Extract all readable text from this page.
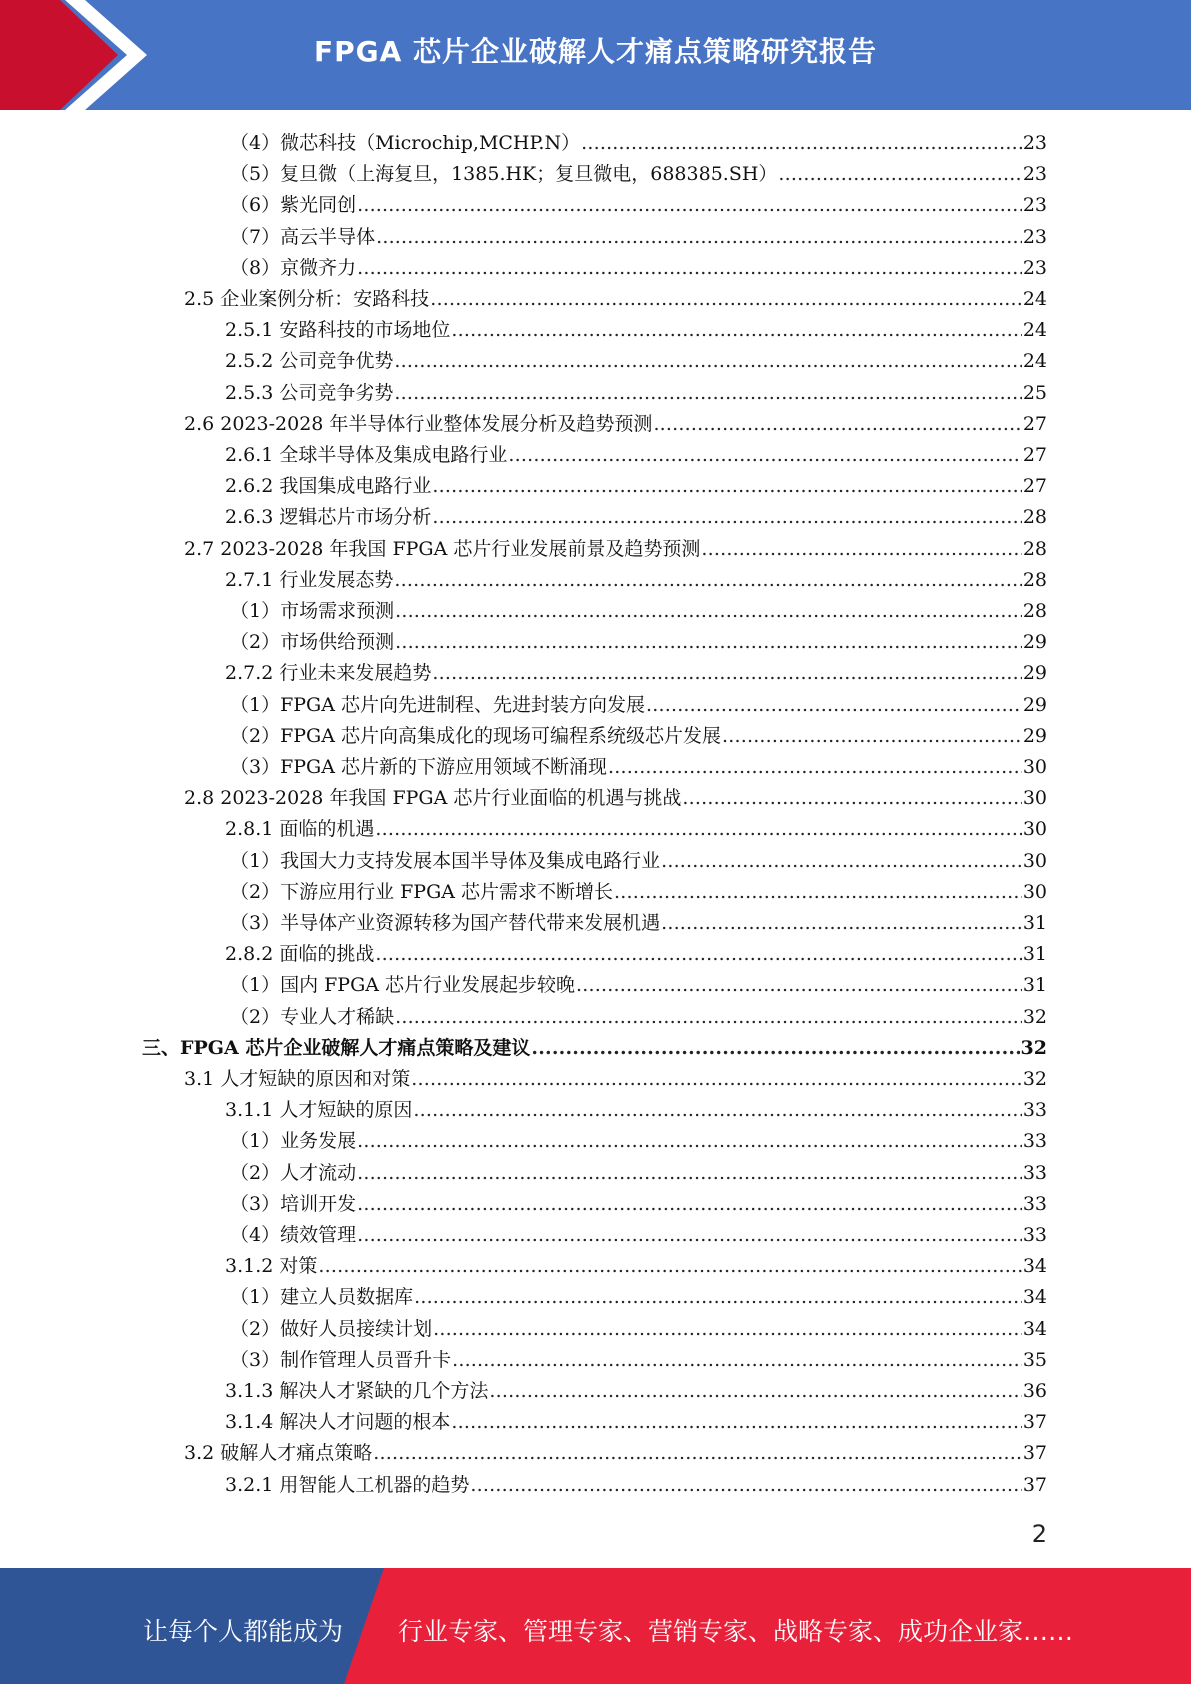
FPGA 芯片企业破解人才痛点策略研究报告
（4）微芯科技（Microchip,MCHP.N） .....	23
（5）复旦微（上海复旦，1385.HK；复旦微电，688385.SH） .....	23
（6）紫光同创 .....	23
（7）高云半导体 .....	23
（8）京微齐力 .....	23
2.5 企业案例分析：安路科技 .....	24
2.5.1 安路科技的市场地位 .....	24
2.5.2 公司竞争优势 .....	24
2.5.3 公司竞争劣势 .....	25
2.6 2023-2028 年半导体行业整体发展分析及趋势预测 .....	27
2.6.1 全球半导体及集成电路行业 .....	27
2.6.2 我国集成电路行业 .....	27
2.6.3 逻辑芯片市场分析 .....	28
2.7 2023-2028 年我国 FPGA 芯片行业发展前景及趋势预测 .....	28
2.7.1 行业发展态势 .....	28
（1）市场需求预测 .....	28
（2）市场供给预测 .....	29
2.7.2 行业未来发展趋势 .....	29
（1）FPGA 芯片向先进制程、先进封装方向发展 .....	29
（2）FPGA 芯片向高集成化的现场可编程系统级芯片发展 .....	29
（3）FPGA 芯片新的下游应用领域不断涌现 .....	30
2.8 2023-2028 年我国 FPGA 芯片行业面临的机遇与挑战 .....	30
2.8.1 面临的机遇 .....	30
（1）我国大力支持发展本国半导体及集成电路行业 .....	30
（2）下游应用行业 FPGA 芯片需求不断增长 .....	30
（3）半导体产业资源转移为国产替代带来发展机遇 .....	31
2.8.2 面临的挑战 .....	31
（1）国内 FPGA 芯片行业发展起步较晚 .....	31
（2）专业人才稀缺 .....	32
三、FPGA 芯片企业破解人才痛点策略及建议 .....	32
3.1 人才短缺的原因和对策 .....	32
3.1.1 人才短缺的原因 .....	33
（1）业务发展 .....	33
（2）人才流动 .....	33
（3）培训开发 .....	33
（4）绩效管理 .....	33
3.1.2 对策 .....	34
（1）建立人员数据库 .....	34
（2）做好人员接续计划 .....	34
（3）制作管理人员晋升卡 .....	35
3.1.3 解决人才紧缺的几个方法 .....	36
3.1.4 解决人才问题的根本 .....	37
3.2 破解人才痛点策略 .....	37
3.2.1 用智能人工机器的趋势 .....	37
2
让每个人都能成为 行业专家、管理专家、营销专家、战略专家、成功企业家……
